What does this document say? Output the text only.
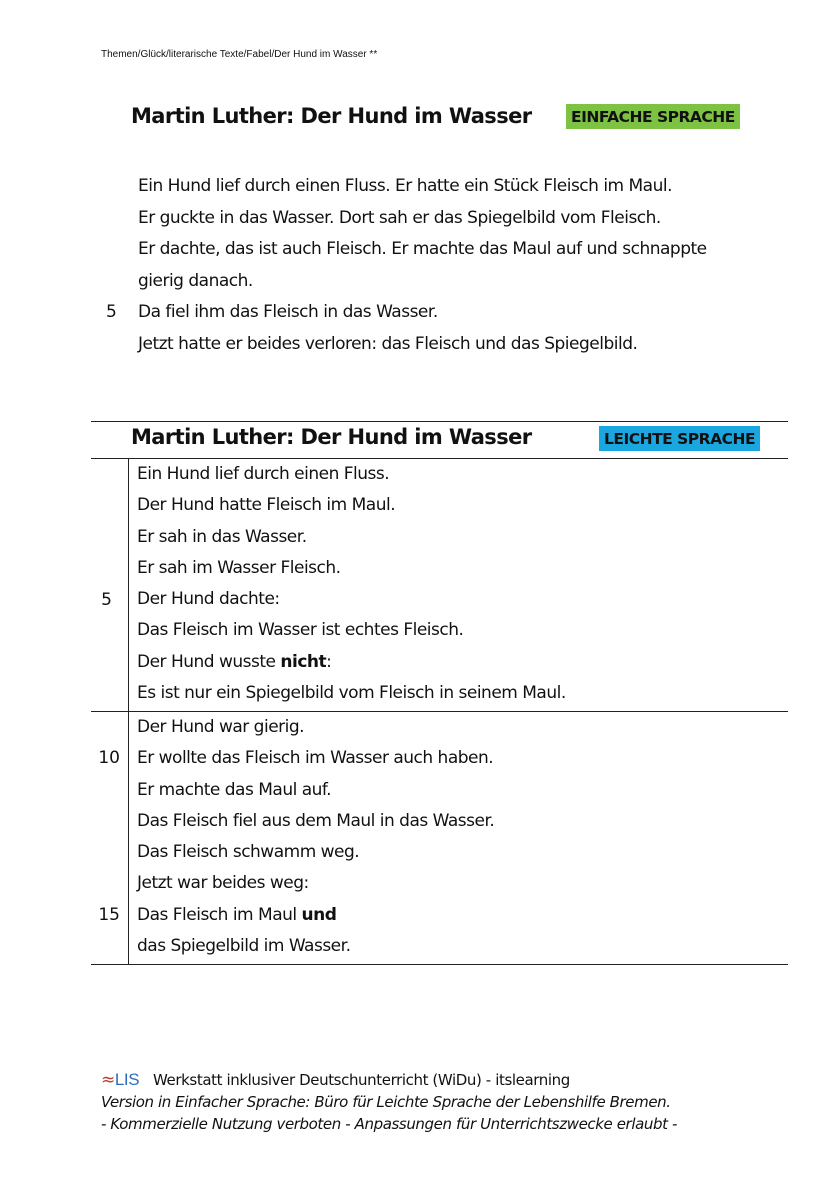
Themen/Glück/literarische Texte/Fabel/Der Hund im Wasser **
Martin Luther: Der Hund im Wasser	EINFACHE SPRACHE
5
Ein Hund lief durch einen Fluss. Er hatte ein Stück Fleisch im Maul.
Er guckte in das Wasser. Dort sah er das Spiegelbild vom Fleisch.
Er dachte, das ist auch Fleisch. Er machte das Maul auf und schnappte
gierig danach.
Da fiel ihm das Fleisch in das Wasser.
Jetzt hatte er beides verloren: das Fleisch und das Spiegelbild.
Martin Luther: Der Hund im Wasser	LEICHTE SPRACHE
5
Ein Hund lief durch einen Fluss.
Der Hund hatte Fleisch im Maul.
Er sah in das Wasser.
Er sah im Wasser Fleisch.
Der Hund dachte:
Das Fleisch im Wasser ist echtes Fleisch.
Der Hund wusste nicht:
Es ist nur ein Spiegelbild vom Fleisch in seinem Maul.
10
15
Der Hund war gierig.
Er wollte das Fleisch im Wasser auch haben.
Er machte das Maul auf.
Das Fleisch fiel aus dem Maul in das Wasser.
Das Fleisch schwamm weg.
Jetzt war beides weg:
Das Fleisch im Maul und
das Spiegelbild im Wasser.
≈LIS Werkstatt inklusiver Deutschunterricht (WiDu) - itslearning
Version in Einfacher Sprache: Büro für Leichte Sprache der Lebenshilfe Bremen.
- Kommerzielle Nutzung verboten - Anpassungen für Unterrichtszwecke erlaubt -
